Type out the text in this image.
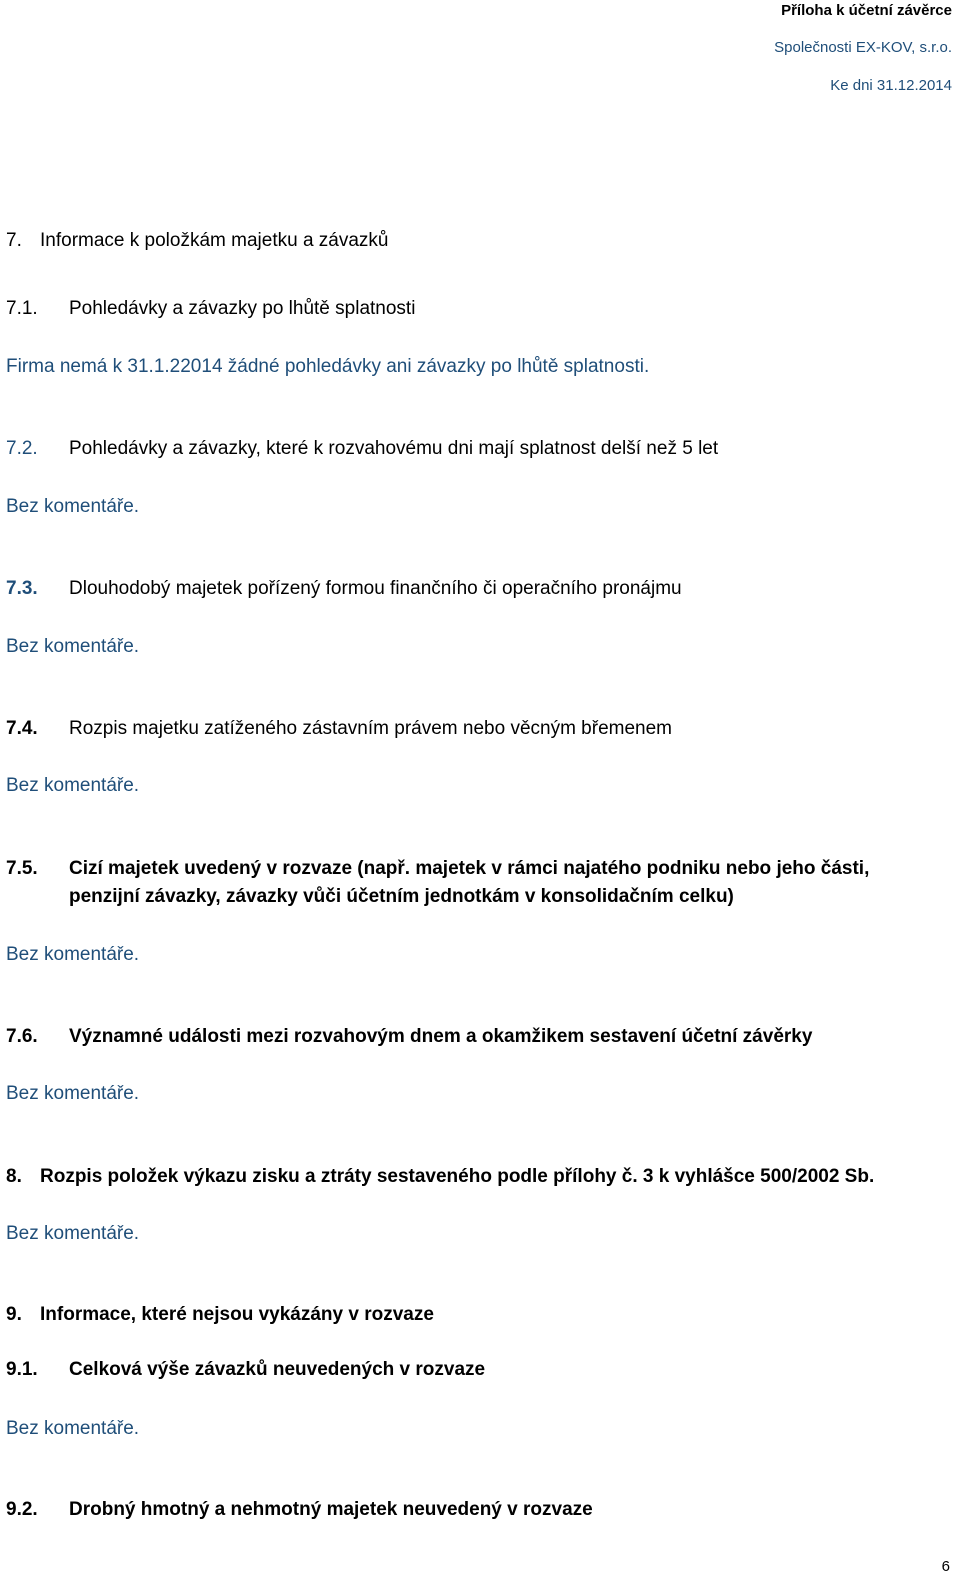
Příloha k účetní závěrce
Společnosti EX-KOV, s.r.o.
Ke dni 31.12.2014
7. Informace k položkám majetku a závazků
7.1. Pohledávky a závazky po lhůtě splatnosti
Firma nemá k 31.1.22014 žádné pohledávky ani závazky po lhůtě splatnosti.
7.2. Pohledávky a závazky, které k rozvahovému dni mají splatnost delší než 5 let
Bez komentáře.
7.3. Dlouhodobý majetek pořízený formou finančního či operačního pronájmu
Bez komentáře.
7.4. Rozpis majetku zatíženého zástavním právem nebo věcným břemenem
Bez komentáře.
7.5. Cizí majetek uvedený v rozvaze (např. majetek v rámci najatého podniku nebo jeho části,
penzijní závazky, závazky vůči účetním jednotkám v konsolidačním celku)
Bez komentáře.
7.6. Významné události mezi rozvahovým dnem a okamžikem sestavení účetní závěrky
Bez komentáře.
8. Rozpis položek výkazu zisku a ztráty sestaveného podle přílohy č. 3 k vyhlášce 500/2002 Sb.
Bez komentáře.
9. Informace, které nejsou vykázány v rozvaze
9.1. Celková výše závazků neuvedených v rozvaze
Bez komentáře.
9.2. Drobný hmotný a nehmotný majetek neuvedený v rozvaze
6
